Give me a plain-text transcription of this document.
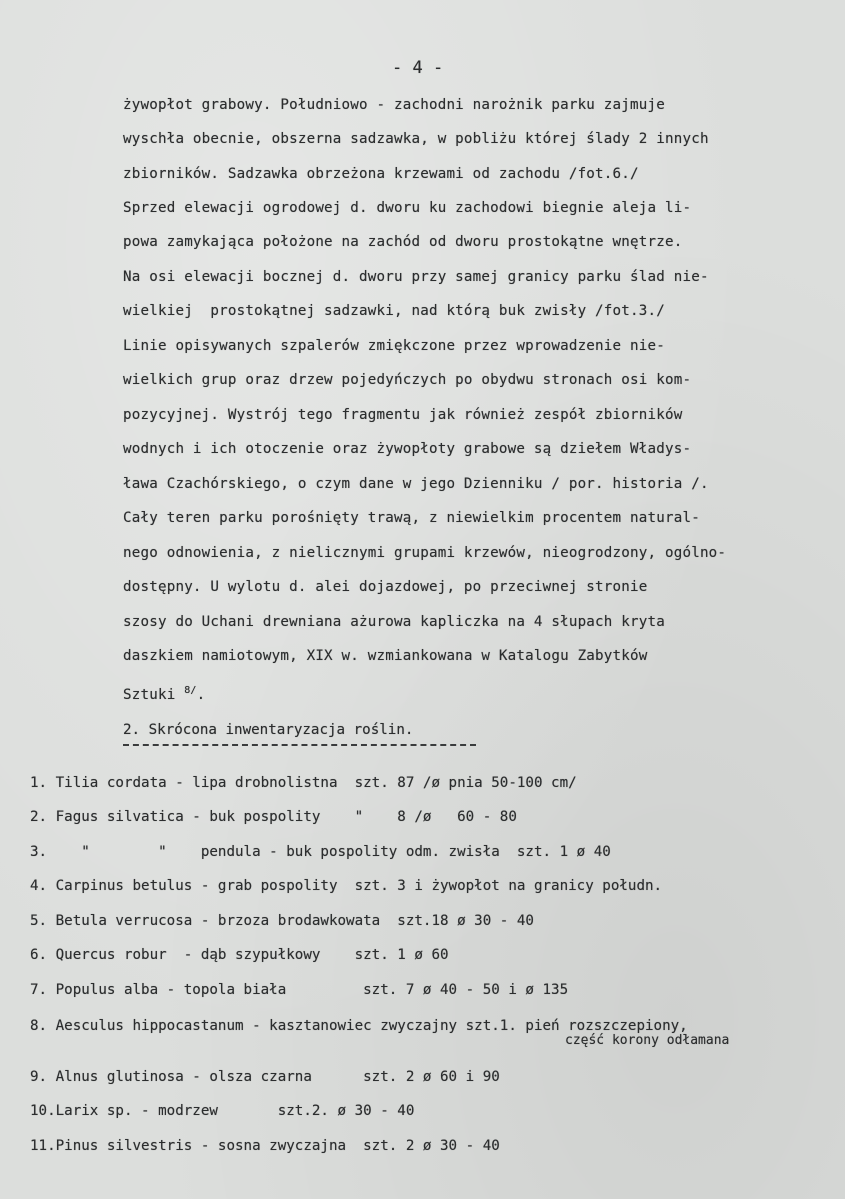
- 4 -
żywopłot grabowy. Południowo - zachodni narożnik parku zajmuje
wyschła obecnie, obszerna sadzawka, w pobliżu której ślady 2 innych
zbiorników. Sadzawka obrzeżona krzewami od zachodu /fot.6./
Sprzed elewacji ogrodowej d. dworu ku zachodowi biegnie aleja li-
powa zamykająca położone na zachód od dworu prostokątne wnętrze.
Na osi elewacji bocznej d. dworu przy samej granicy parku ślad nie-
wielkiej  prostokątnej sadzawki, nad którą buk zwisły /fot.3./
Linie opisywanych szpalerów zmiękczone przez wprowadzenie nie-
wielkich grup oraz drzew pojedyńczych po obydwu stronach osi kom-
pozycyjnej. Wystrój tego fragmentu jak również zespół zbiorników
wodnych i ich otoczenie oraz żywopłoty grabowe są dziełem Władys-
ława Czachórskiego, o czym dane w jego Dzienniku / por. historia /.
Cały teren parku porośnięty trawą, z niewielkim procentem natural-
nego odnowienia, z nielicznymi grupami krzewów, nieogrodzony, ogólno-
dostępny. U wylotu d. alei dojazdowej, po przeciwnej stronie
szosy do Uchani drewniana ażurowa kapliczka na 4 słupach kryta
daszkiem namiotowym, XIX w. wzmiankowana w Katalogu Zabytków
Sztuki $^{8/}$.
2. Skrócona inwentaryzacja roślin.
1. Tilia cordata - lipa drobnolistna  szt. 87 /ø pnia 50-100 cm/
2. Fagus silvatica - buk pospolity    "    8 /ø   60 - 80
3.    "        "    pendula - buk pospolity odm. zwisła  szt. 1 ø 40
4. Carpinus betulus - grab pospolity  szt. 3 i żywopłot na granicy połudn.
5. Betula verrucosa - brzoza brodawkowata  szt.18 ø 30 - 40
6. Quercus robur  - dąb szypułkowy    szt. 1 ø 60
7. Populus alba - topola biała         szt. 7 ø 40 - 50 i ø 135
8. Aesculus hippocastanum - kasztanowiec zwyczajny szt.1. pień rozszczepiony,
część korony odłamana
9. Alnus glutinosa - olsza czarna      szt. 2 ø 60 i 90
10.Larix sp. - modrzew       szt.2. ø 30 - 40
11.Pinus silvestris - sosna zwyczajna  szt. 2 ø 30 - 40
